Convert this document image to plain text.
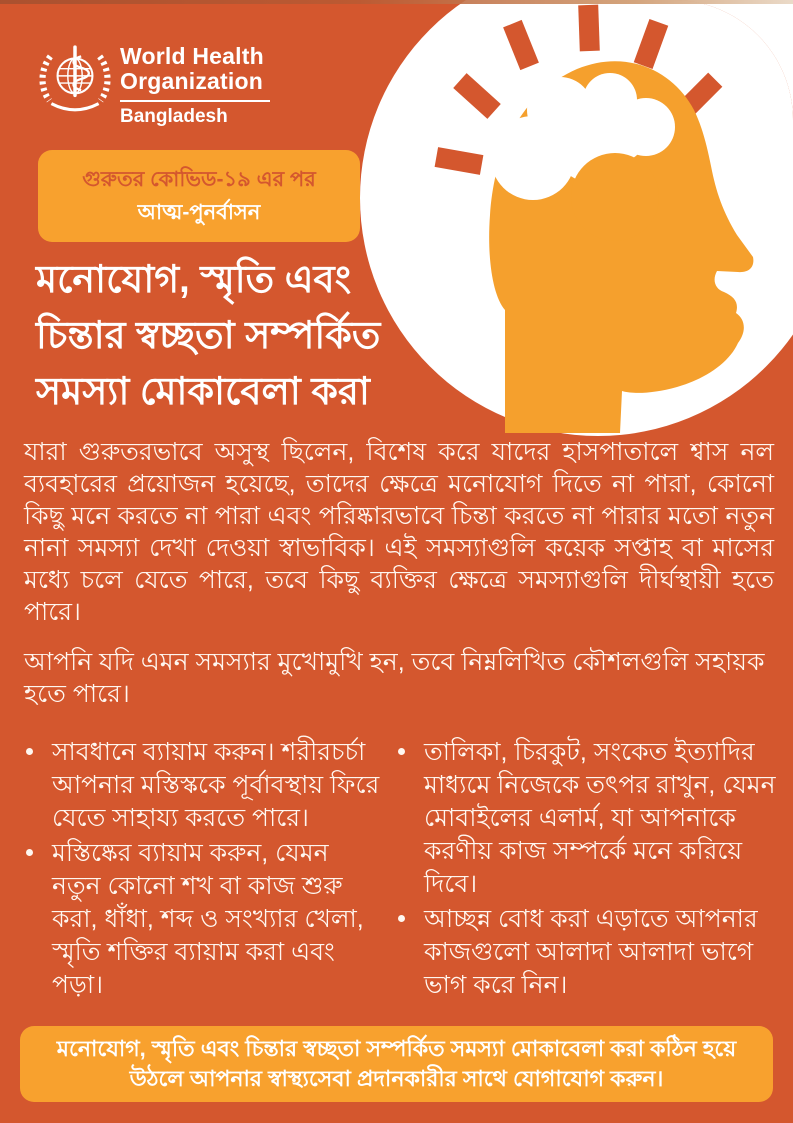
World Health
Organization
Bangladesh
গুরুতর কোভিড-১৯ এর পর
আত্ম-পুনর্বাসন
মনোযোগ, স্মৃতি এবং
চিন্তার স্বচ্ছতা সম্পর্কিত
সমস্যা মোকাবেলা করা
যারা গুরুতরভাবে অসুস্থ ছিলেন, বিশেষ করে যাদের হাসপাতালে শ্বাস নল ব্যবহারের প্রয়োজন হয়েছে, তাদের ক্ষেত্রে মনোযোগ দিতে না পারা, কোনো কিছু মনে করতে না পারা এবং পরিষ্কারভাবে চিন্তা করতে না পারার মতো নতুন নানা সমস্যা দেখা দেওয়া স্বাভাবিক। এই সমস্যাগুলি কয়েক সপ্তাহ বা মাসের মধ্যে চলে যেতে পারে, তবে কিছু ব্যক্তির ক্ষেত্রে সমস্যাগুলি দীর্ঘস্থায়ী হতে পারে।
আপনি যদি এমন সমস্যার মুখোমুখি হন, তবে নিম্নলিখিত কৌশলগুলি সহায়ক হতে পারে।
সাবধানে ব্যায়াম করুন। শরীরচর্চা আপনার মস্তিস্ককে পূর্বাবস্থায় ফিরে যেতে সাহায্য করতে পারে।
মস্তিষ্কের ব্যায়াম করুন, যেমন নতুন কোনো শখ বা কাজ শুরু করা, ধাঁধা, শব্দ ও সংখ্যার খেলা, স্মৃতি শক্তির ব্যায়াম করা এবং পড়া।
তালিকা, চিরকুট, সংকেত ইত্যাদির মাধ্যমে নিজেকে তৎপর রাখুন, যেমন মোবাইলের এলার্ম, যা আপনাকে করণীয় কাজ সম্পর্কে মনে করিয়ে দিবে।
আচ্ছন্ন বোধ করা এড়াতে আপনার কাজগুলো আলাদা আলাদা ভাগে ভাগ করে নিন।
মনোযোগ, স্মৃতি এবং চিন্তার স্বচ্ছতা সম্পর্কিত সমস্যা মোকাবেলা করা কঠিন হয়ে উঠলে আপনার স্বাস্থ্যসেবা প্রদানকারীর সাথে যোগাযোগ করুন।
